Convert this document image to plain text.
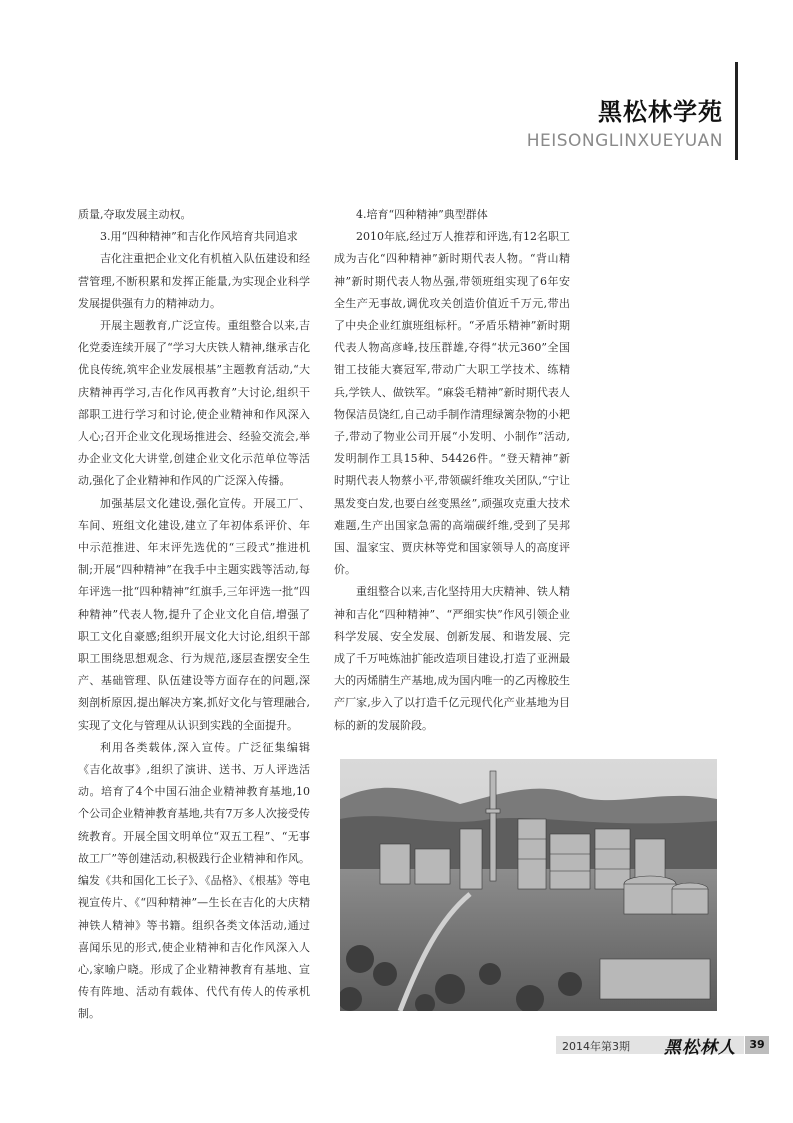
黑松林学苑
HEISONGLINXUEYUAN

质量,夺取发展主动权。

3.用“四种精神”和吉化作风培育共同追求

吉化注重把企业文化有机植入队伍建设和经营管理,不断积累和发挥正能量,为实现企业科学发展提供强有力的精神动力。

开展主题教育,广泛宣传。重组整合以来,吉化党委连续开展了“学习大庆铁人精神,继承吉化优良传统,筑牢企业发展根基”主题教育活动,“大庆精神再学习,吉化作风再教育”大讨论,组织干部职工进行学习和讨论,使企业精神和作风深入人心;召开企业文化现场推进会、经验交流会,举办企业文化大讲堂,创建企业文化示范单位等活动,强化了企业精神和作风的广泛深入传播。

加强基层文化建设,强化宣传。开展工厂、车间、班组文化建设,建立了年初体系评价、年中示范推进、年末评先选优的“三段式”推进机制;开展“四种精神”在我手中主题实践等活动,每年评选一批“四种精神”红旗手,三年评选一批“四种精神”代表人物,提升了企业文化自信,增强了职工文化自豪感;组织开展文化大讨论,组织干部职工围绕思想观念、行为规范,逐层查摆安全生产、基础管理、队伍建设等方面存在的问题,深刻剖析原因,提出解决方案,抓好文化与管理融合,实现了文化与管理从认识到实践的全面提升。

利用各类载体,深入宣传。广泛征集编辑《吉化故事》,组织了演讲、送书、万人评选活动。培育了4个中国石油企业精神教育基地,10个公司企业精神教育基地,共有7万多人次接受传统教育。开展全国文明单位“双五工程”、“无事故工厂”等创建活动,积极践行企业精神和作风。编发《共和国化工长子》、《品格》、《根基》等电视宣传片、《“四种精神”—生长在吉化的大庆精神铁人精神》等书籍。组织各类文体活动,通过喜闻乐见的形式,使企业精神和吉化作风深入人心,家喻户晓。形成了企业精神教育有基地、宣传有阵地、活动有载体、代代有传人的传承机制。

4.培育“四种精神”典型群体

2010年底,经过万人推荐和评选,有12名职工成为吉化“四种精神”新时期代表人物。“背山精神”新时期代表人物丛强,带领班组实现了6年安全生产无事故,调优攻关创造价值近千万元,带出了中央企业红旗班组标杆。“矛盾乐精神”新时期代表人物高彦峰,技压群雄,夺得“状元360”全国钳工技能大赛冠军,带动广大职工学技术、练精兵,学铁人、做铁军。“麻袋毛精神”新时期代表人物保洁员饶红,自己动手制作清理绿篱杂物的小耙子,带动了物业公司开展“小发明、小制作”活动,发明制作工具15种、54426件。“登天精神”新时期代表人物蔡小平,带领碳纤维攻关团队,“宁让黑发变白发,也要白丝变黑丝”,顽强攻克重大技术难题,生产出国家急需的高端碳纤维,受到了吴邦国、温家宝、贾庆林等党和国家领导人的高度评价。

重组整合以来,吉化坚持用大庆精神、铁人精神和吉化“四种精神”、“严细实快”作风引领企业科学发展、安全发展、创新发展、和谐发展、完成了千万吨炼油扩能改造项目建设,打造了亚洲最大的丙烯腈生产基地,成为国内唯一的乙丙橡胶生产厂家,步入了以打造千亿元现代化产业基地为目标的新的发展阶段。

2014年第3期 黑松林人	39
